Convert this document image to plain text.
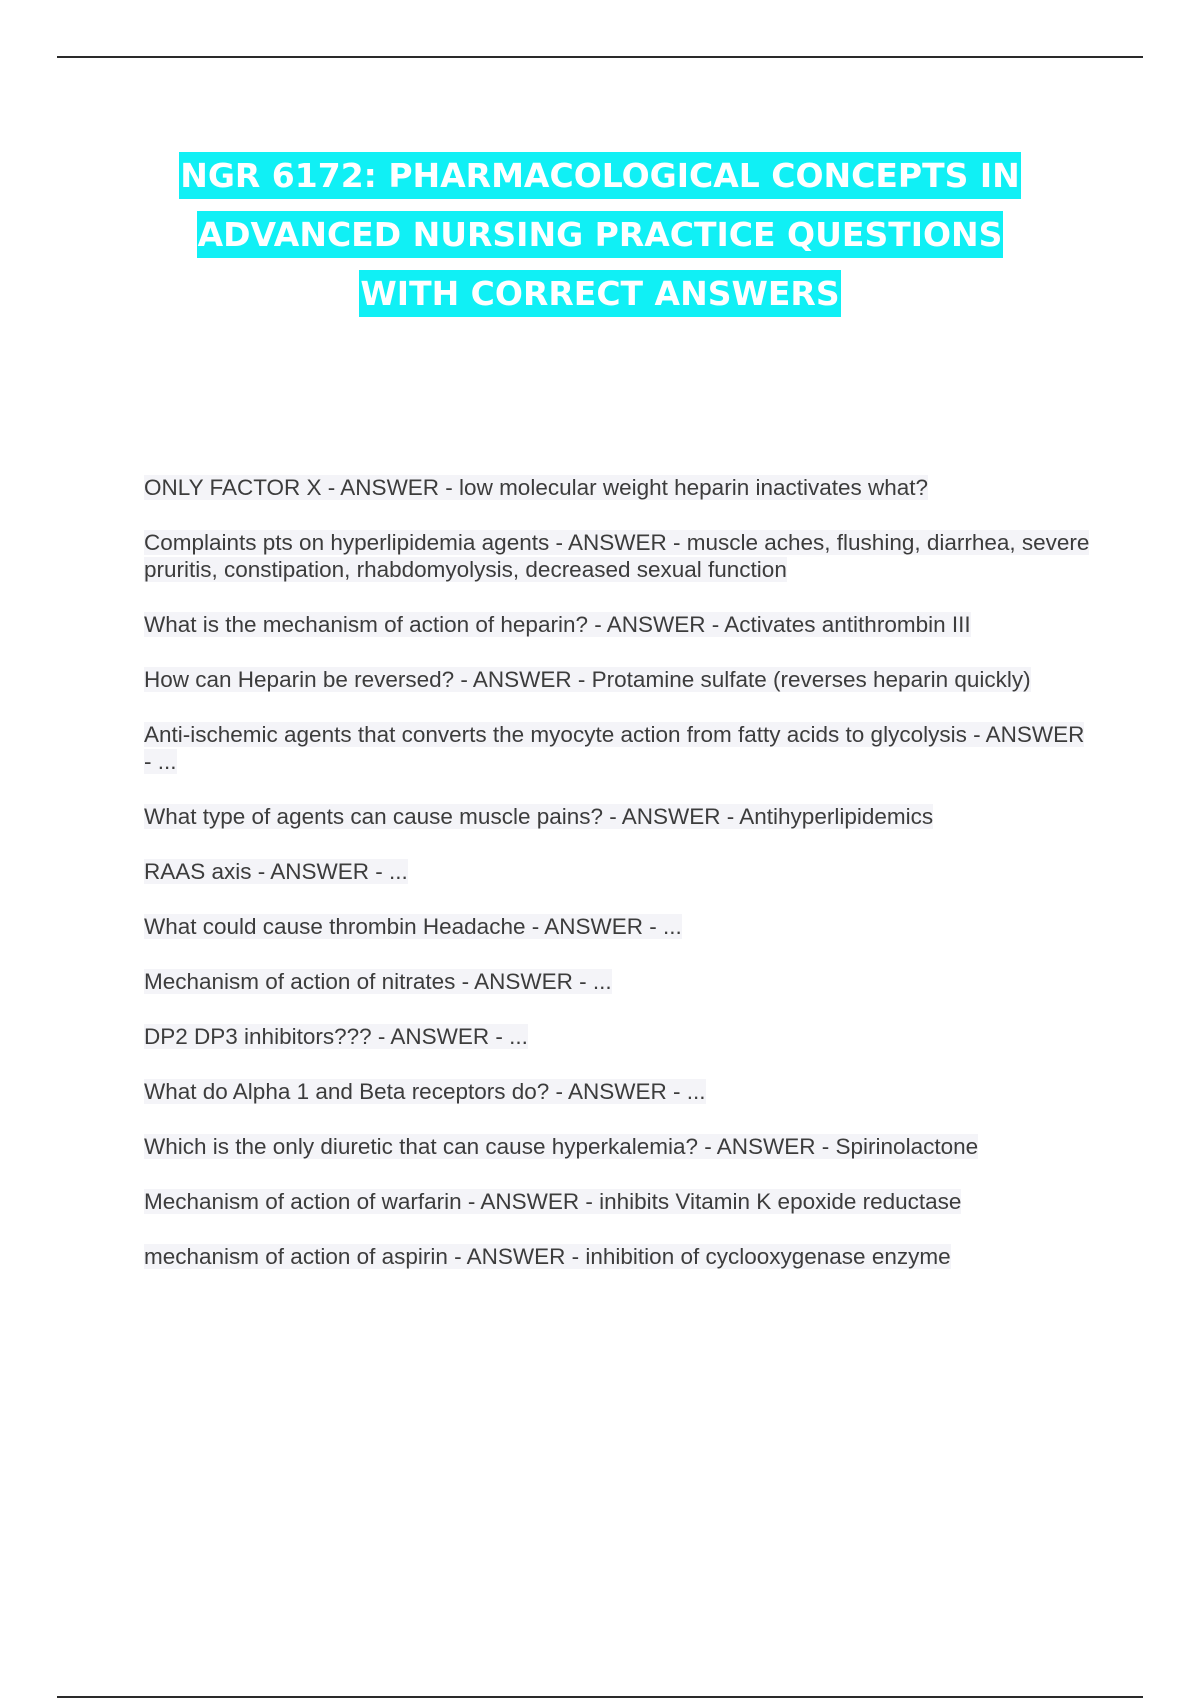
NGR 6172: PHARMACOLOGICAL CONCEPTS IN
ADVANCED NURSING PRACTICE QUESTIONS
WITH CORRECT ANSWERS
ONLY FACTOR X - ANSWER - low molecular weight heparin inactivates what?
Complaints pts on hyperlipidemia agents - ANSWER - muscle aches, flushing, diarrhea, severe pruritis, constipation, rhabdomyolysis, decreased sexual function
What is the mechanism of action of heparin? - ANSWER - Activates antithrombin III
How can Heparin be reversed? - ANSWER - Protamine sulfate (reverses heparin quickly)
Anti-ischemic agents that converts the myocyte action from fatty acids to glycolysis - ANSWER - ...
What type of agents can cause muscle pains? - ANSWER - Antihyperlipidemics
RAAS axis - ANSWER - ...
What could cause thrombin Headache - ANSWER - ...
Mechanism of action of nitrates - ANSWER - ...
DP2 DP3 inhibitors??? - ANSWER - ...
What do Alpha 1 and Beta receptors do? - ANSWER - ...
Which is the only diuretic that can cause hyperkalemia? - ANSWER - Spirinolactone
Mechanism of action of warfarin - ANSWER - inhibits Vitamin K epoxide reductase
mechanism of action of aspirin - ANSWER - inhibition of cyclooxygenase enzyme
